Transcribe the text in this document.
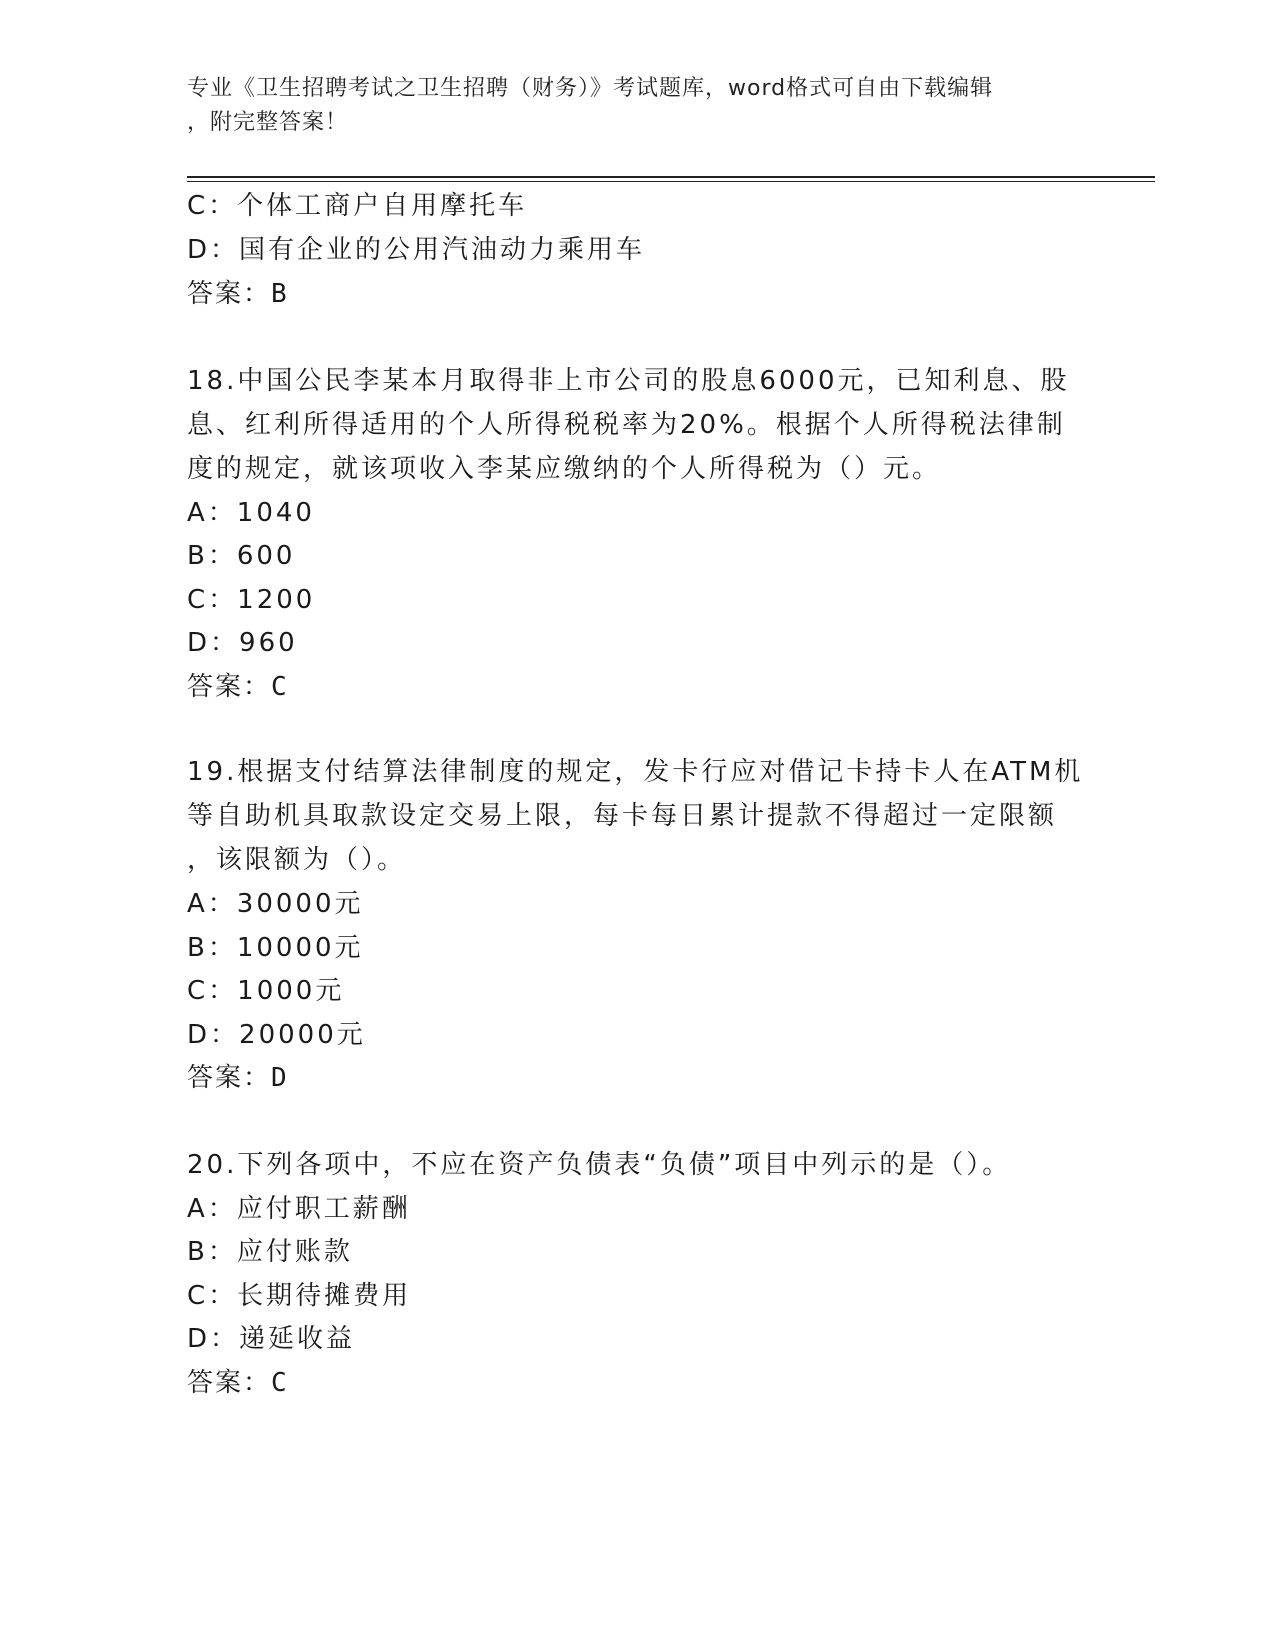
专业《卫生招聘考试之卫生招聘（财务）》考试题库，word格式可自由下载编辑
，附完整答案！
C：个体工商户自用摩托车
D：国有企业的公用汽油动力乘用车
答案：B
18.中国公民李某本月取得非上市公司的股息6000元，已知利息、股
息、红利所得适用的个人所得税税率为20%。根据个人所得税法律制
度的规定，就该项收入李某应缴纳的个人所得税为（）元。
A：1040
B：600
C：1200
D：960
答案：C
19.根据支付结算法律制度的规定，发卡行应对借记卡持卡人在ATM机
等自助机具取款设定交易上限，每卡每日累计提款不得超过一定限额
，该限额为（）。
A：30000元
B：10000元
C：1000元
D：20000元
答案：D
20.下列各项中，不应在资产负债表“负债”项目中列示的是（）。
A：应付职工薪酬
B：应付账款
C：长期待摊费用
D：递延收益
答案：C
